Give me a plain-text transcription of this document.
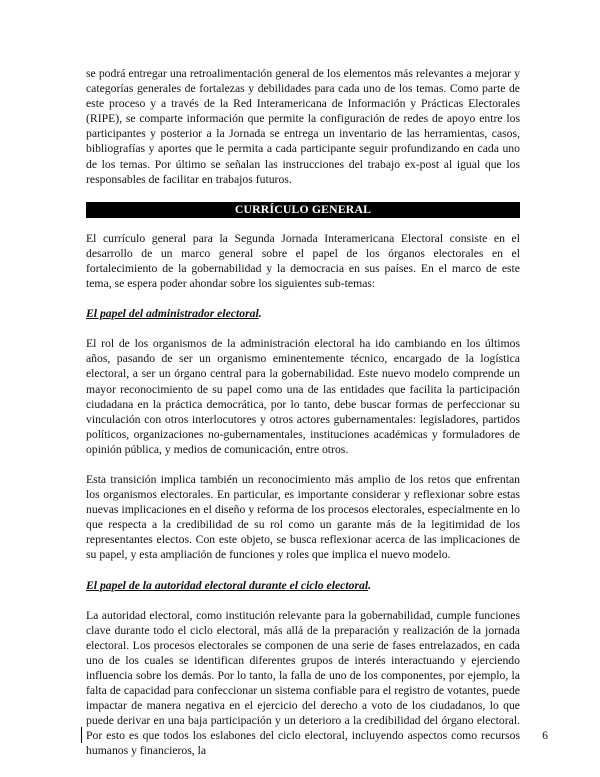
se podrá entregar una retroalimentación general de los elementos más relevantes a mejorar y categorías generales de fortalezas y debilidades para cada uno de los temas. Como parte de este proceso y a través de la Red Interamericana de Información y Prácticas Electorales (RIPE), se comparte información que permite la configuración de redes de apoyo entre los participantes y posterior a la Jornada se entrega un inventario de las herramientas, casos, bibliografías y aportes que le permita a cada participante seguir profundizando en cada uno de los temas. Por último se señalan las instrucciones del trabajo ex-post al igual que los responsables de facilitar en trabajos futuros.

CURRÍCULO GENERAL

El currículo general para la Segunda Jornada Interamericana Electoral consiste en el desarrollo de un marco general sobre el papel de los órganos electorales en el fortalecimiento de la gobernabilidad y la democracia en sus países. En el marco de este tema, se espera poder ahondar sobre los siguientes sub-temas:

El papel del administrador electoral.

El rol de los organismos de la administración electoral ha ido cambiando en los últimos años, pasando de ser un organismo eminentemente técnico, encargado de la logística electoral, a ser un órgano central para la gobernabilidad. Este nuevo modelo comprende un mayor reconocimiento de su papel como una de las entidades que facilita la participación ciudadana en la práctica democrática, por lo tanto, debe buscar formas de perfeccionar su vinculación con otros interlocutores y otros actores gubernamentales: legisladores, partidos políticos, organizaciones no-gubernamentales, instituciones académicas y formuladores de opinión pública, y medios de comunicación, entre otros.

Esta transición implica también un reconocimiento más amplio de los retos que enfrentan los organismos electorales. En particular, es importante considerar y reflexionar sobre estas nuevas implicaciones en el diseño y reforma de los procesos electorales, especialmente en lo que respecta a la credibilidad de su rol como un garante más de la legitimidad de los representantes electos. Con este objeto, se busca reflexionar acerca de las implicaciones de su papel, y esta ampliación de funciones y roles que implica el nuevo modelo.

El papel de la autoridad electoral durante el ciclo electoral.

La autoridad electoral, como institución relevante para la gobernabilidad, cumple funciones clave durante todo el ciclo electoral, más allá de la preparación y realización de la jornada electoral. Los procesos electorales se componen de una serie de fases entrelazados, en cada uno de los cuales se identifican diferentes grupos de interés interactuando y ejerciendo influencia sobre los demás. Por lo tanto, la falla de uno de los componentes, por ejemplo, la falta de capacidad para confeccionar un sistema confiable para el registro de votantes, puede impactar de manera negativa en el ejercicio del derecho a voto de los ciudadanos, lo que puede derivar en una baja participación y un deterioro a la credibilidad del órgano electoral. Por esto es que todos los eslabones del ciclo electoral, incluyendo aspectos como recursos humanos y financieros, la

6
